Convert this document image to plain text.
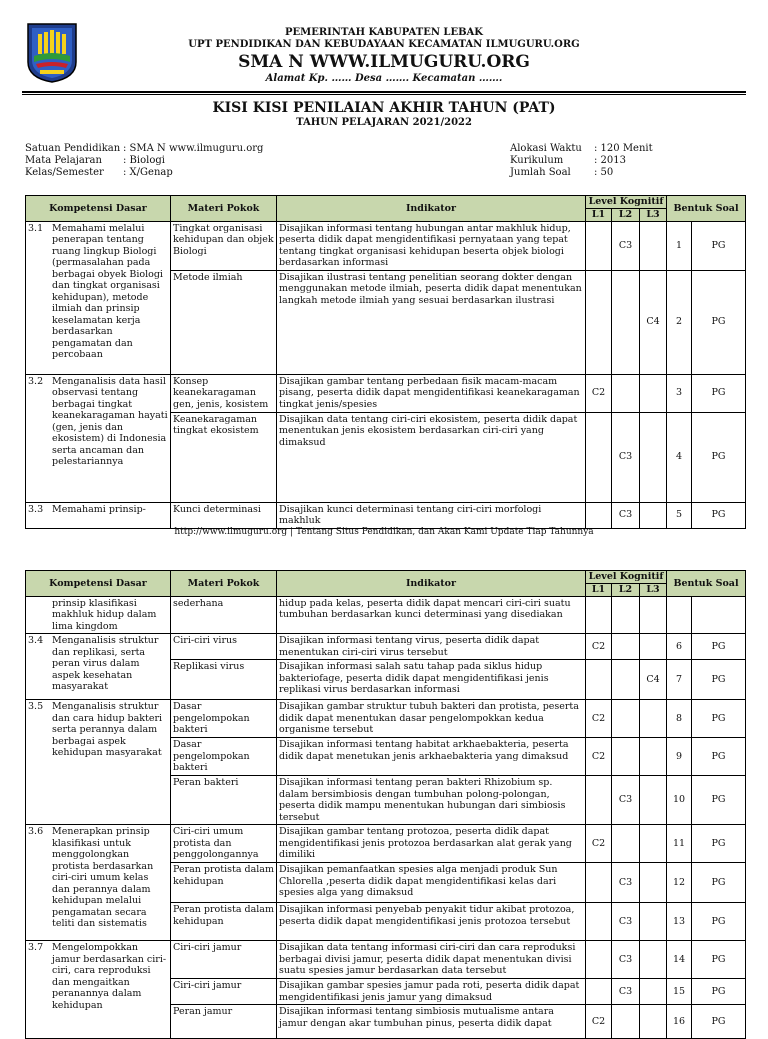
PEMERINTAH KABUPATEN LEBAK
UPT PENDIDIKAN DAN KEBUDAYAAN KECAMATAN ILMUGURU.ORG
SMA N WWW.ILMUGURU.ORG
Alamat Kp. …… Desa ……. Kecamatan …….
KISI KISI PENILAIAN AKHIR TAHUN (PAT)
TAHUN PELAJARAN 2021/2022
Satuan Pendidikan : SMA N www.ilmuguru.org
Mata Pelajaran	: Biologi
Kelas/Semester	: X/Genap
Alokasi Waktu	: 120 Menit
Kurikulum	: 2013
Jumlah Soal	: 50
Kompetensi Dasar	Materi Pokok	Indikator	Level Kognitif			Bentuk Soal	
			L1	L2	L3		

3.1 Memahami melalui penerapan tentang ruang lingkup Biologi (permasalahan pada berbagai obyek Biologi dan tingkat organisasi kehidupan), metode ilmiah dan prinsip keselamatan kerja berdasarkan pengamatan dan percobaan	Tingkat organisasi kehidupan dan objek Biologi	Disajikan informasi tentang hubungan antar makhluk hidup, peserta didik dapat mengidentifikasi pernyataan yang tepat tentang tingkat organisasi kehidupan beserta objek biologi berdasarkan informasi		C3		1	PG
	Metode ilmiah	Disajikan ilustrasi tentang penelitian seorang dokter dengan menggunakan metode ilmiah, peserta didik dapat menentukan langkah metode ilmiah yang sesuai berdasarkan ilustrasi			C4	2	PG

3.2 Menganalisis data hasil observasi tentang berbagai tingkat keanekaragaman hayati (gen, jenis dan ekosistem) di Indonesia serta ancaman dan pelestariannya	Konsep keanekaragaman gen, jenis, kosistem	Disajikan gambar tentang perbedaan fisik macam-macam pisang, peserta didik dapat mengidentifikasi keanekaragaman tingkat jenis/spesies	C2			3	PG
	Keanekaragaman tingkat ekosistem	Disajikan data tentang ciri-ciri ekosistem, peserta didik dapat menentukan jenis ekosistem berdasarkan ciri-ciri yang dimaksud		C3		4	PG

3.3 Memahami prinsip-	Kunci determinasi	Disajikan kunci determinasi tentang ciri-ciri morfologi makhluk		C3		5	PG
http://www.ilmuguru.org | Tentang Situs Pendidikan, dan Akan Kami Update Tiap Tahunnya
Kompetensi Dasar	Materi Pokok	Indikator	Level Kognitif			Bentuk Soal	
			L1	L2	L3		

prinsip klasifikasi makhluk hidup dalam lima kingdom	sederhana	hidup pada kelas, peserta didik dapat mencari ciri-ciri suatu tumbuhan berdasarkan kunci determinasi yang disediakan					

3.4 Menganalisis struktur dan replikasi, serta peran virus dalam aspek kesehatan masyarakat	Ciri-ciri virus	Disajikan informasi tentang virus, peserta didik dapat menentukan ciri-ciri virus tersebut	C2			6	PG
	Replikasi virus	Disajikan informasi salah satu tahap pada siklus hidup bakteriofage, peserta didik dapat mengidentifikasi jenis replikasi virus berdasarkan informasi			C4	7	PG

3.5 Menganalisis struktur dan cara hidup bakteri serta perannya dalam berbagai aspek kehidupan masyarakat	Dasar pengelompokan bakteri	Disajikan gambar struktur tubuh bakteri dan protista, peserta didik dapat menentukan dasar pengelompokkan kedua organisme tersebut	C2			8	PG
	Dasar pengelompokan bakteri	Disajikan informasi tentang habitat arkhaebakteria, peserta didik dapat menetukan jenis arkhaebakteria yang dimaksud	C2			9	PG
	Peran bakteri	Disajikan informasi tentang peran bakteri Rhizobium sp. dalam bersimbiosis dengan tumbuhan polong-polongan, peserta didik mampu menentukan hubungan dari simbiosis tersebut		C3		10	PG

3.6 Menerapkan prinsip klasifikasi untuk menggolongkan protista berdasarkan ciri-ciri umum kelas dan perannya dalam kehidupan melalui pengamatan secara teliti dan sistematis	Ciri-ciri umum protista dan penggolongannya	Disajikan gambar tentang protozoa, peserta didik dapat mengidentifikasi jenis protozoa berdasarkan alat gerak yang dimiliki	C2			11	PG
	Peran protista dalam kehidupan	Disajikan pemanfaatkan spesies alga menjadi produk Sun Chlorella ,peserta didik dapat mengidentifikasi kelas dari spesies alga yang dimaksud		C3		12	PG
	Peran protista dalam kehidupan	Disajikan informasi penyebab penyakit tidur akibat protozoa, peserta didik dapat mengidentifikasi jenis protozoa tersebut		C3		13	PG

3.7 Mengelompokkan jamur berdasarkan ciri-ciri, cara reproduksi dan mengaitkan peranannya dalam kehidupan	Ciri-ciri jamur	Disajikan data tentang informasi ciri-ciri dan cara reproduksi berbagai divisi jamur, peserta didik dapat menentukan divisi suatu spesies jamur berdasarkan data tersebut		C3		14	PG
	Ciri-ciri jamur	Disajikan gambar spesies jamur pada roti, peserta didik dapat mengidentifikasi jenis jamur yang dimaksud		C3		15	PG
	Peran jamur	Disajikan informasi tentang simbiosis mutualisme antara jamur dengan akar tumbuhan pinus, peserta didik dapat	C2			16	PG
